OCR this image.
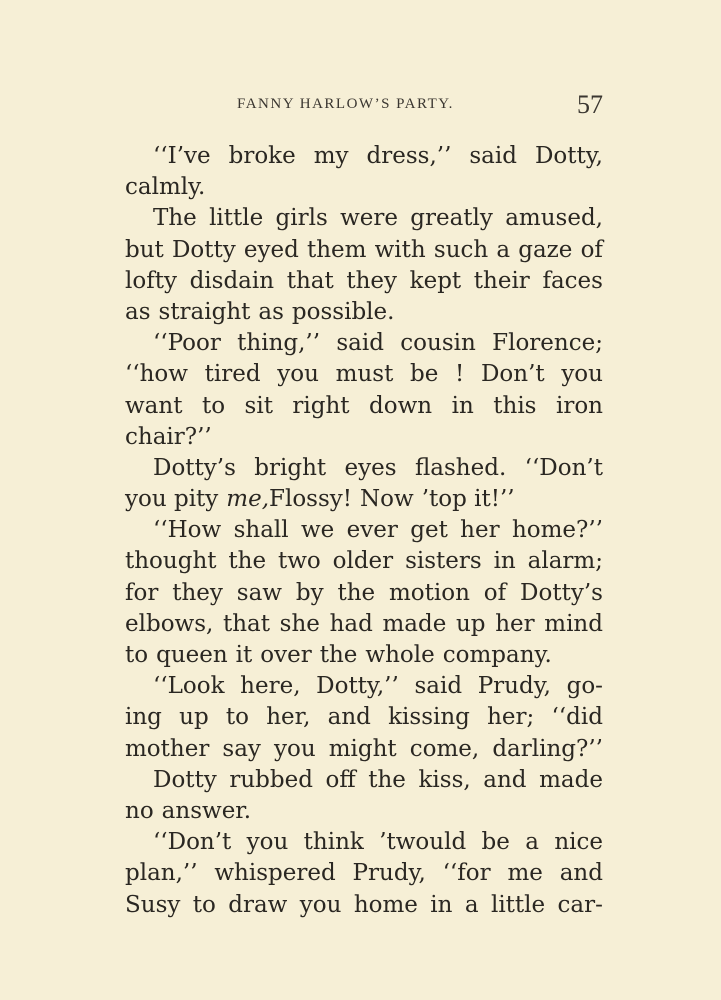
FANNY HARLOW’S PARTY.	57
‘‘I’ve broke my dress,’’ said Dotty,
calmly.
The little girls were greatly amused,
but Dotty eyed them with such a gaze of
lofty disdain that they kept their faces
as straight as possible.
‘‘Poor thing,’’ said cousin Florence;
‘‘how tired you must be ! Don’t you
want to sit right down in this iron
chair?’’
Dotty’s bright eyes flashed. ‘‘Don’t
you pity me, Flossy! Now ’top it!’’
‘‘How shall we ever get her home?’’
thought the two older sisters in alarm;
for they saw by the motion of Dotty’s
elbows, that she had made up her mind
to queen it over the whole company.
‘‘Look here, Dotty,’’ said Prudy, go-
ing up to her, and kissing her; ‘‘did
mother say you might come, darling?’’
Dotty rubbed off the kiss, and made
no answer.
‘‘Don’t you think ’twould be a nice
plan,’’ whispered Prudy, ‘‘for me and
Susy to draw you home in a little car-
